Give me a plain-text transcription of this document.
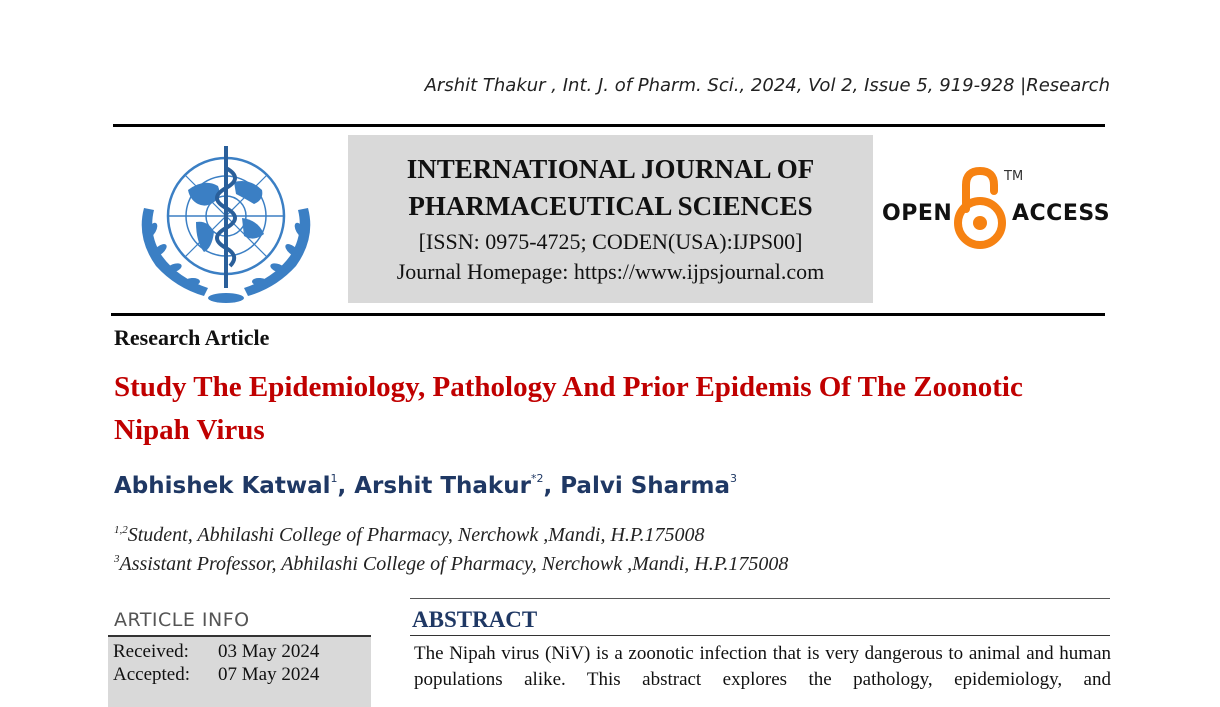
Arshit Thakur , Int. J. of Pharm. Sci., 2024, Vol 2, Issue 5, 919-928 |Research
INTERNATIONAL JOURNAL OF PHARMACEUTICAL SCIENCES
[ISSN: 0975-4725; CODEN(USA):IJPS00]
Journal Homepage: https://www.ijpsjournal.com
OPEN
TM
ACCESS
Research Article
Study The Epidemiology, Pathology And Prior Epidemis Of The Zoonotic Nipah Virus
Abhishek Katwal$^1$, Arshit Thakur$^{*2}$, Palvi Sharma$^3$
$^{1,2}$Student, Abhilashi College of Pharmacy, Nerchowk ,Mandi, H.P.175008
$^3$Assistant Professor, Abhilashi College of Pharmacy, Nerchowk ,Mandi, H.P.175008
ARTICLE INFO
Received: 03 May 2024
Accepted: 07 May 2024
ABSTRACT
The Nipah virus (NiV) is a zoonotic infection that is very dangerous to animal and human populations alike. This abstract explores the pathology, epidemiology, and
